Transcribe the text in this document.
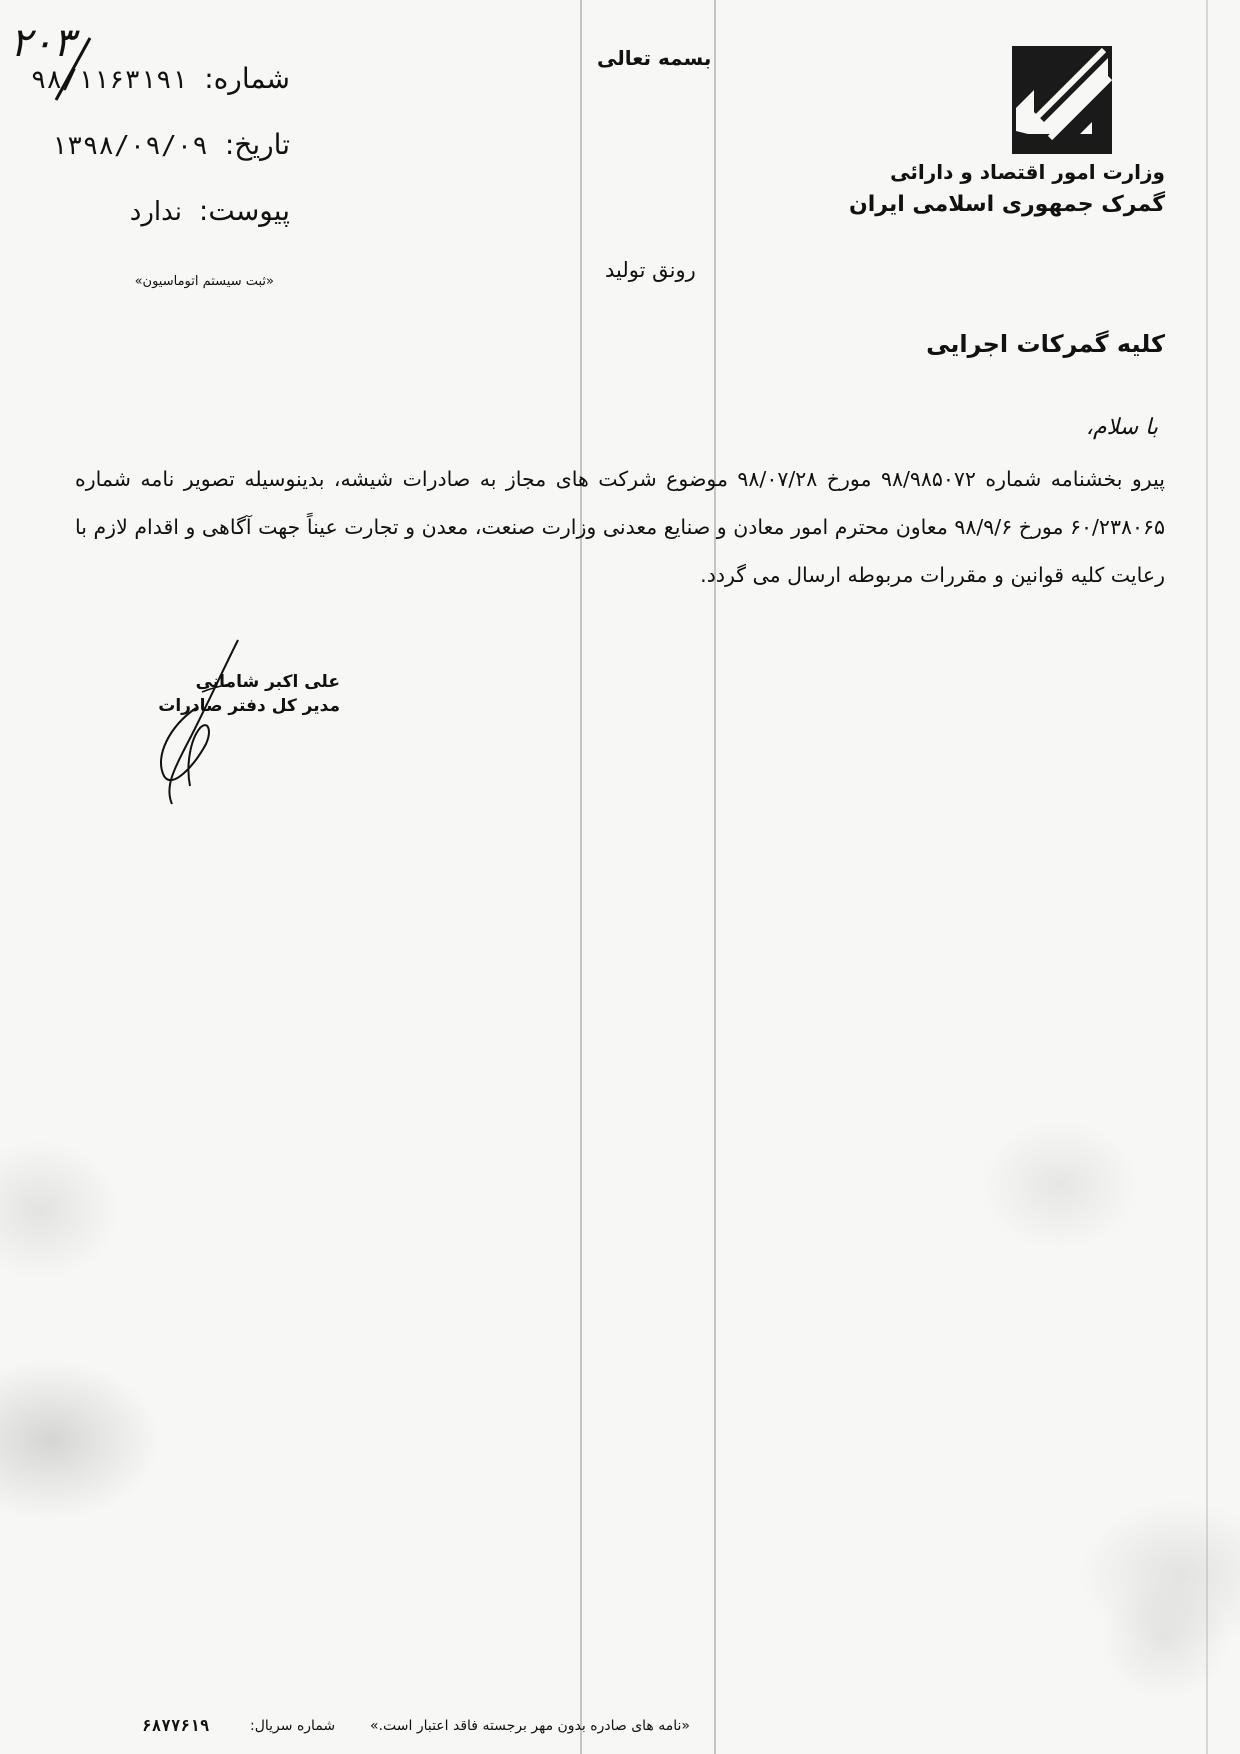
وزارت امور اقتصاد و دارائی
گمرک جمهوری اسلامی ایران
بسمه تعالی
۲۰۳
شماره: ۹۸/۱۱۶۳۱۹۱
تاریخ: ۱۳۹۸/۰۹/۰۹
پیوست: ندارد
«ثبت سیستم اتوماسیون»	رونق تولید
کلیه گمرکات اجرایی
با سلام،

پیرو بخشنامه شماره ۹۸/۹۸۵۰۷۲ مورخ ۹۸/۰۷/۲۸ موضوع شرکت های مجاز به صادرات شیشه، بدینوسیله تصویر نامه شماره ۶۰/۲۳۸۰۶۵ مورخ ۹۸/۹/۶ معاون محترم امور معادن و صنایع معدنی وزارت صنعت، معدن و تجارت عیناً جهت آگاهی و اقدام لازم با رعایت کلیه قوانین و مقررات مربوطه ارسال می گردد.

علی اکبر شامانی
مدیر کل دفتر صادرات
«نامه های صادره بدون مهر برجسته فاقد اعتبار است.»
شماره سریال:
۶۸۷۷۶۱۹
